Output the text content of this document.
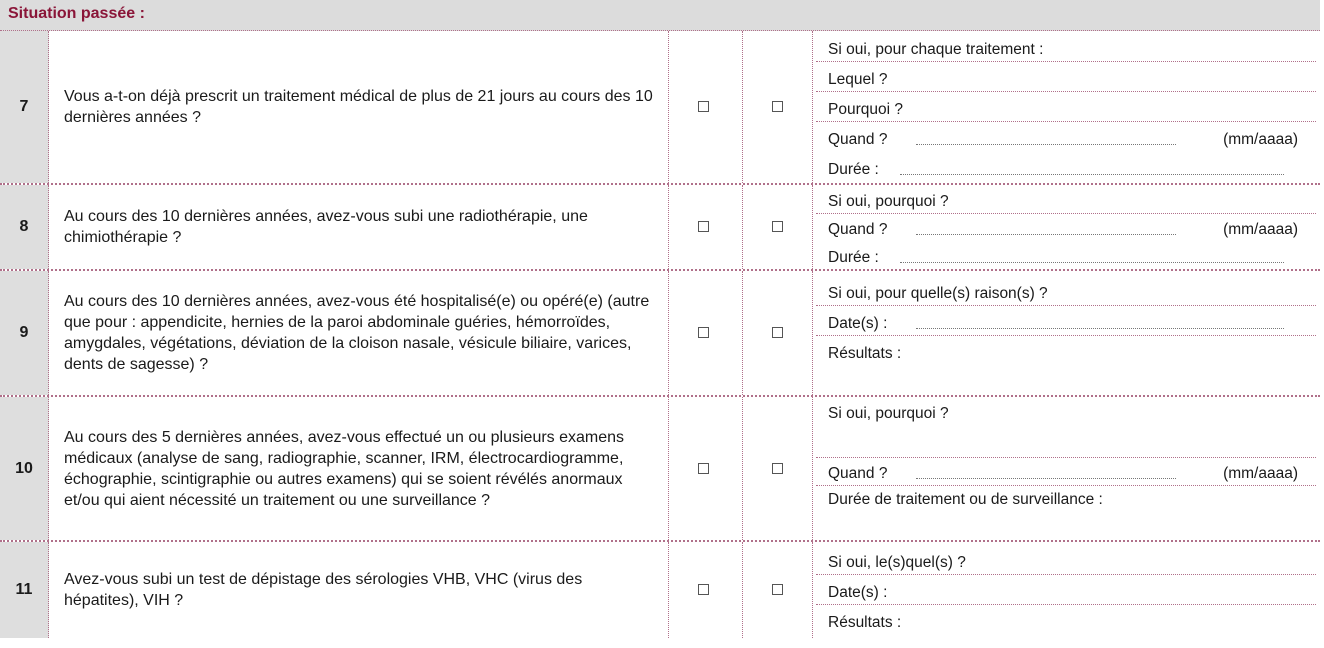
Situation passée :
7
Vous a-t-on déjà prescrit un traitement médical de plus de 21 jours au cours des 10 dernières années ?
Si oui, pour chaque traitement :
Lequel ?
Pourquoi ?
Quand ?	(mm/aaaa)
Durée :
8
Au cours des 10 dernières années, avez-vous subi une radiothérapie, une chimiothérapie ?
Si oui, pourquoi ?
Quand ?	(mm/aaaa)
Durée :
9
Au cours des 10 dernières années, avez-vous été hospitalisé(e) ou opéré(e) (autre que pour : appendicite, hernies de la paroi abdominale guéries, hémorroïdes, amygdales, végétations, déviation de la cloison nasale, vésicule biliaire, varices, dents de sagesse) ?
Si oui, pour quelle(s) raison(s) ?
Date(s) :
Résultats :
10
Au cours des 5 dernières années, avez-vous effectué un ou plusieurs examens médicaux (analyse de sang, radiographie, scanner, IRM, électrocardiogramme, échographie, scintigraphie ou autres examens) qui se soient révélés anormaux et/ou qui aient nécessité un traitement ou une surveillance ?
Si oui, pourquoi ?
Quand ?	(mm/aaaa)
Durée de traitement ou de surveillance :
11
Avez-vous subi un test de dépistage des sérologies VHB, VHC (virus des hépatites), VIH ?
Si oui, le(s)quel(s) ?
Date(s) :
Résultats :
